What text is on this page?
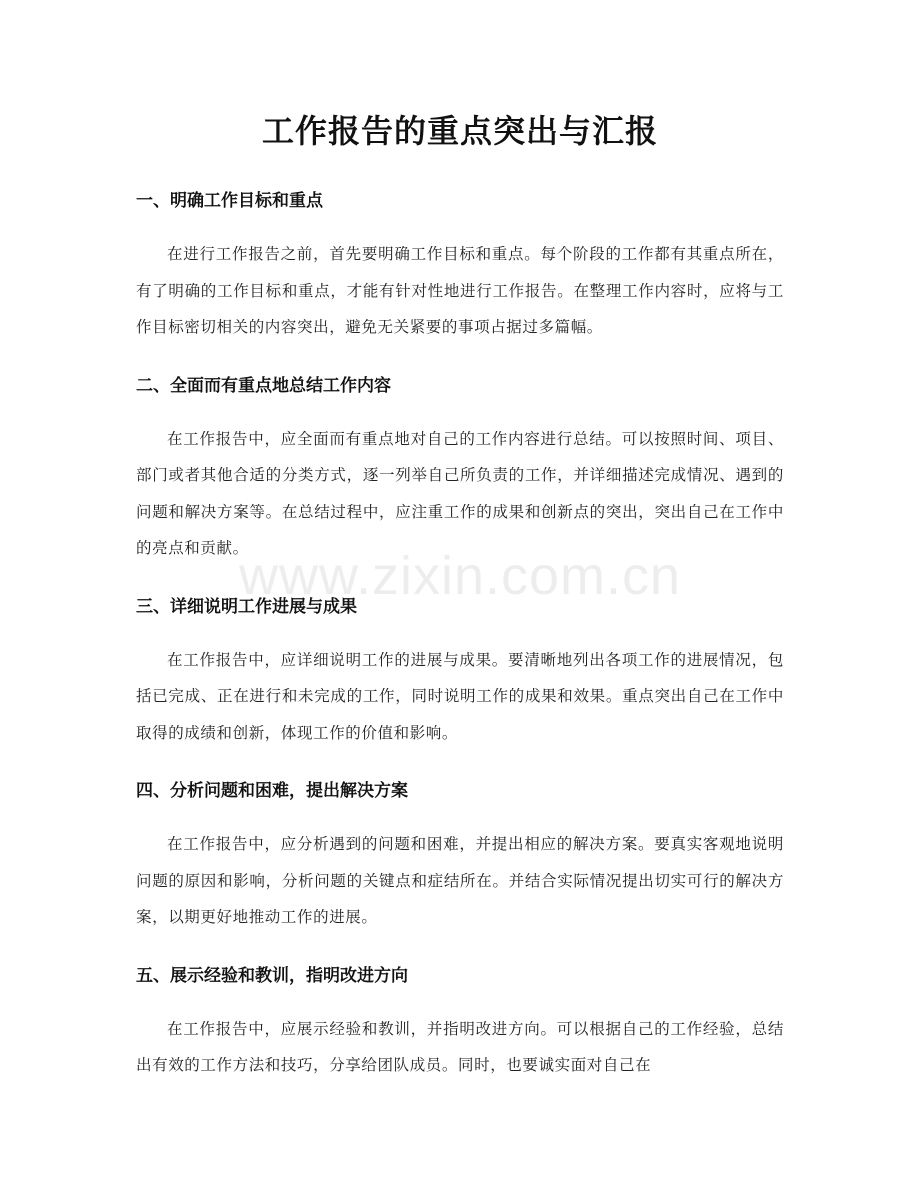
工作报告的重点突出与汇报
一、明确工作目标和重点

在进行工作报告之前，首先要明确工作目标和重点。每个阶段的工作都有其重点所在，有了明确的工作目标和重点，才能有针对性地进行工作报告。在整理工作内容时，应将与工作目标密切相关的内容突出，避免无关紧要的事项占据过多篇幅。

二、全面而有重点地总结工作内容

在工作报告中，应全面而有重点地对自己的工作内容进行总结。可以按照时间、项目、部门或者其他合适的分类方式，逐一列举自己所负责的工作，并详细描述完成情况、遇到的问题和解决方案等。在总结过程中，应注重工作的成果和创新点的突出，突出自己在工作中的亮点和贡献。

三、详细说明工作进展与成果

在工作报告中，应详细说明工作的进展与成果。要清晰地列出各项工作的进展情况，包括已完成、正在进行和未完成的工作，同时说明工作的成果和效果。重点突出自己在工作中取得的成绩和创新，体现工作的价值和影响。

四、分析问题和困难，提出解决方案

在工作报告中，应分析遇到的问题和困难，并提出相应的解决方案。要真实客观地说明问题的原因和影响，分析问题的关键点和症结所在。并结合实际情况提出切实可行的解决方案，以期更好地推动工作的进展。

五、展示经验和教训，指明改进方向

在工作报告中，应展示经验和教训，并指明改进方向。可以根据自己的工作经验，总结出有效的工作方法和技巧，分享给团队成员。同时，也要诚实面对自己在

www.zixin.com.cn
